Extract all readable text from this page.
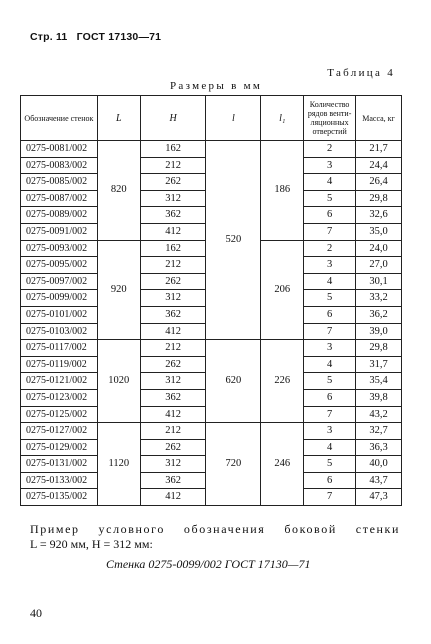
Стр. 11 ГОСТ 17130—71
Таблица 4
Размеры в мм
Обозначение стенок	L	H	l	l₁	Количество рядов вентиляционных отверстий	Масса, кг
0275-0081/002	820	162	520	186	2	21,7
0275-0083/002		212			3	24,4
0275-0085/002		262			4	26,4
0275-0087/002		312			5	29,8
0275-0089/002		362			6	32,6
0275-0091/002		412			7	35,0
0275-0093/002	920	162		206	2	24,0
0275-0095/002		212			3	27,0
0275-0097/002		262			4	30,1
0275-0099/002		312			5	33,2
0275-0101/002		362			6	36,2
0275-0103/002		412			7	39,0
0275-0117/002	1020	212	620	226	3	29,8
0275-0119/002		262			4	31,7
0275-0121/002		312			5	35,4
0275-0123/002		362			6	39,8
0275-0125/002		412			7	43,2
0275-0127/002	1120	212	720	246	3	32,7
0275-0129/002		262			4	36,3
0275-0131/002		312			5	40,0
0275-0133/002		362			6	43,7
0275-0135/002		412			7	47,3
Пример условного обозначения боковой стенки
L = 920 мм, H = 312 мм:
Стенка 0275-0099/002 ГОСТ 17130—71
40
